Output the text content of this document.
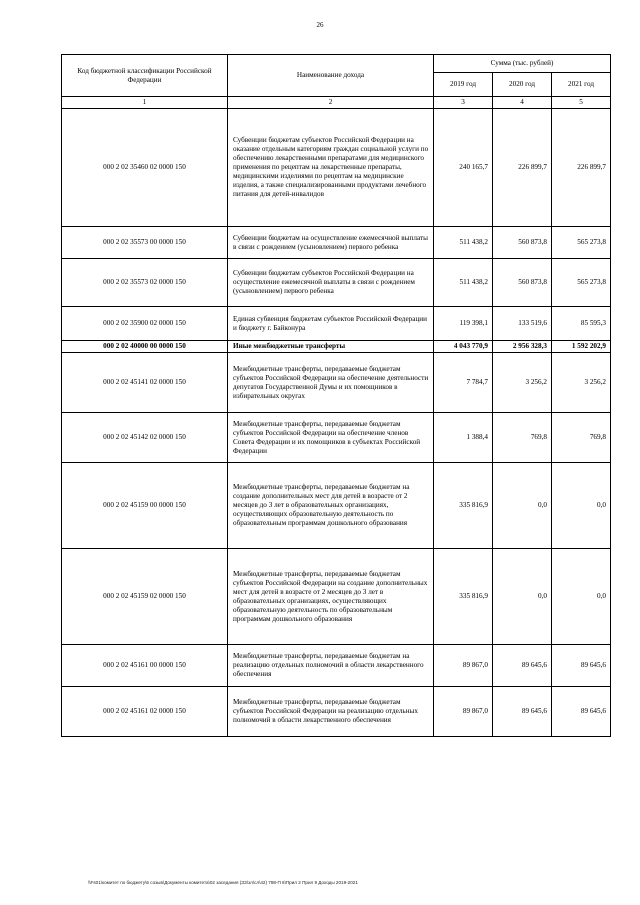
26
Код бюджетной классификации Российской Федерации	Наименование дохода	Сумма (тыс. рублей)		
		2019 год	2020 год	2021 год
1	2	3	4	5
000 2 02 35460 02 0000 150	Субвенции бюджетам субъектов Российской Федерации на оказание отдельным категориям граждан социальной услуги по обеспечению лекарственными препаратами для медицинского применения по рецептам на лекарственные препараты, медицинскими изделиями по рецептам на медицинские изделия, а также специализированными продуктами лечебного питания для детей-инвалидов	240 165,7	226 899,7	226 899,7
000 2 02 35573 00 0000 150	Субвенции бюджетам на осуществление ежемесячной выплаты в связи с рождением (усыновлением) первого ребенка	511 438,2	560 873,8	565 273,8
000 2 02 35573 02 0000 150	Субвенции бюджетам субъектов Российской Федерации на осуществление ежемесячной выплаты в связи с рождением (усыновлением) первого ребенка	511 438,2	560 873,8	565 273,8
000 2 02 35900 02 0000 150	Единая субвенция бюджетам субъектов Российской Федерации и бюджету г. Байконура	119 398,1	133 519,6	85 595,3
000 2 02 40000 00 0000 150	Иные межбюджетные трансферты	4 043 770,9	2 956 328,3	1 592 202,9
000 2 02 45141 02 0000 150	Межбюджетные трансферты, передаваемые бюджетам субъектов Российской Федерации на обеспечение деятельности депутатов Государственной Думы и их помощников в избирательных округах	7 784,7	3 256,2	3 256,2
000 2 02 45142 02 0000 150	Межбюджетные трансферты, передаваемые бюджетам субъектов Российской Федерации на обеспечение членов Совета Федерации и их помощников в субъектах Российской Федерации	1 388,4	769,8	769,8
000 2 02 45159 00 0000 150	Межбюджетные трансферты, передаваемые бюджетам на создание дополнительных мест для детей в возрасте от 2 месяцев до 3 лет в образовательных организациях, осуществляющих образовательную деятельность по образовательным программам дошкольного образования	335 816,9	0,0	0,0
000 2 02 45159 02 0000 150	Межбюджетные трансферты, передаваемые бюджетам субъектов Российской Федерации на создание дополнительных мест для детей в возрасте от 2 месяцев до 3 лет в образовательных организациях, осуществляющих образовательную деятельность по образовательным программам дошкольного образования	335 816,9	0,0	0,0
000 2 02 45161 00 0000 150	Межбюджетные трансферты, передаваемые бюджетам на реализацию отдельных полномочий в области лекарственного обеспечения	89 867,0	89 645,6	89 645,6
000 2 02 45161 02 0000 150	Межбюджетные трансферты, передаваемые бюджетам субъектов Российской Федерации на реализацию отдельных полномочий в области лекарственного обеспечения	89 867,0	89 645,6	89 645,6
\\Fs01\комитет по бюджету\6 созыв\Документы комитета\02 заседания (ЗЗ\зл\сл\42) 788-П 6\Прил 2 Прил 9 Доходы 2019-2021
